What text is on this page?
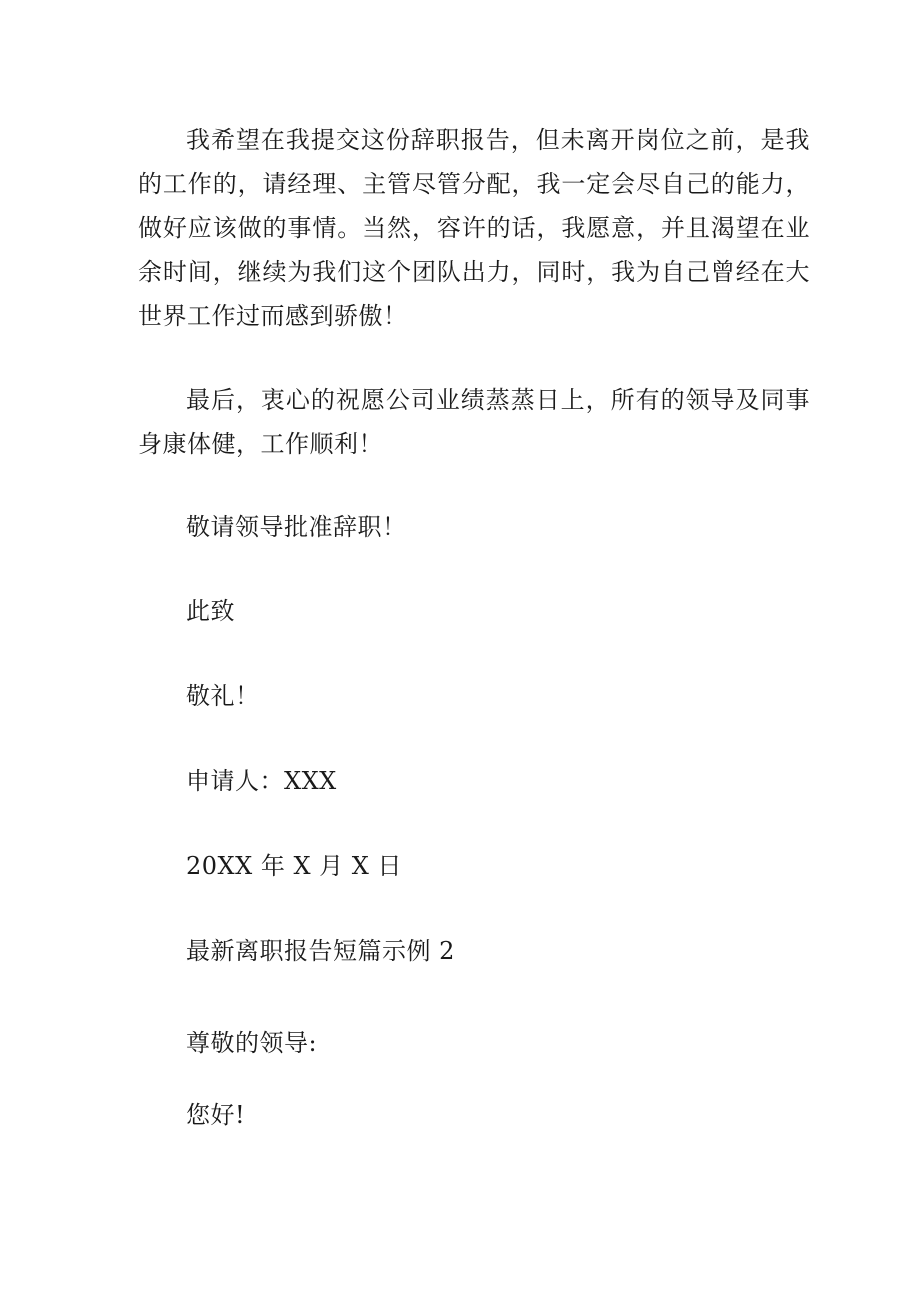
我希望在我提交这份辞职报告，但未离开岗位之前，是我的工作的，请经理、主管尽管分配，我一定会尽自己的能力，做好应该做的事情。当然，容许的话，我愿意，并且渴望在业余时间，继续为我们这个团队出力，同时，我为自己曾经在大世界工作过而感到骄傲！

最后，衷心的祝愿公司业绩蒸蒸日上，所有的领导及同事身康体健，工作顺利！

敬请领导批准辞职！

此致

敬礼！

申请人：XXX

20XX 年 X 月 X 日

最新离职报告短篇示例 2

尊敬的领导:

您好!
